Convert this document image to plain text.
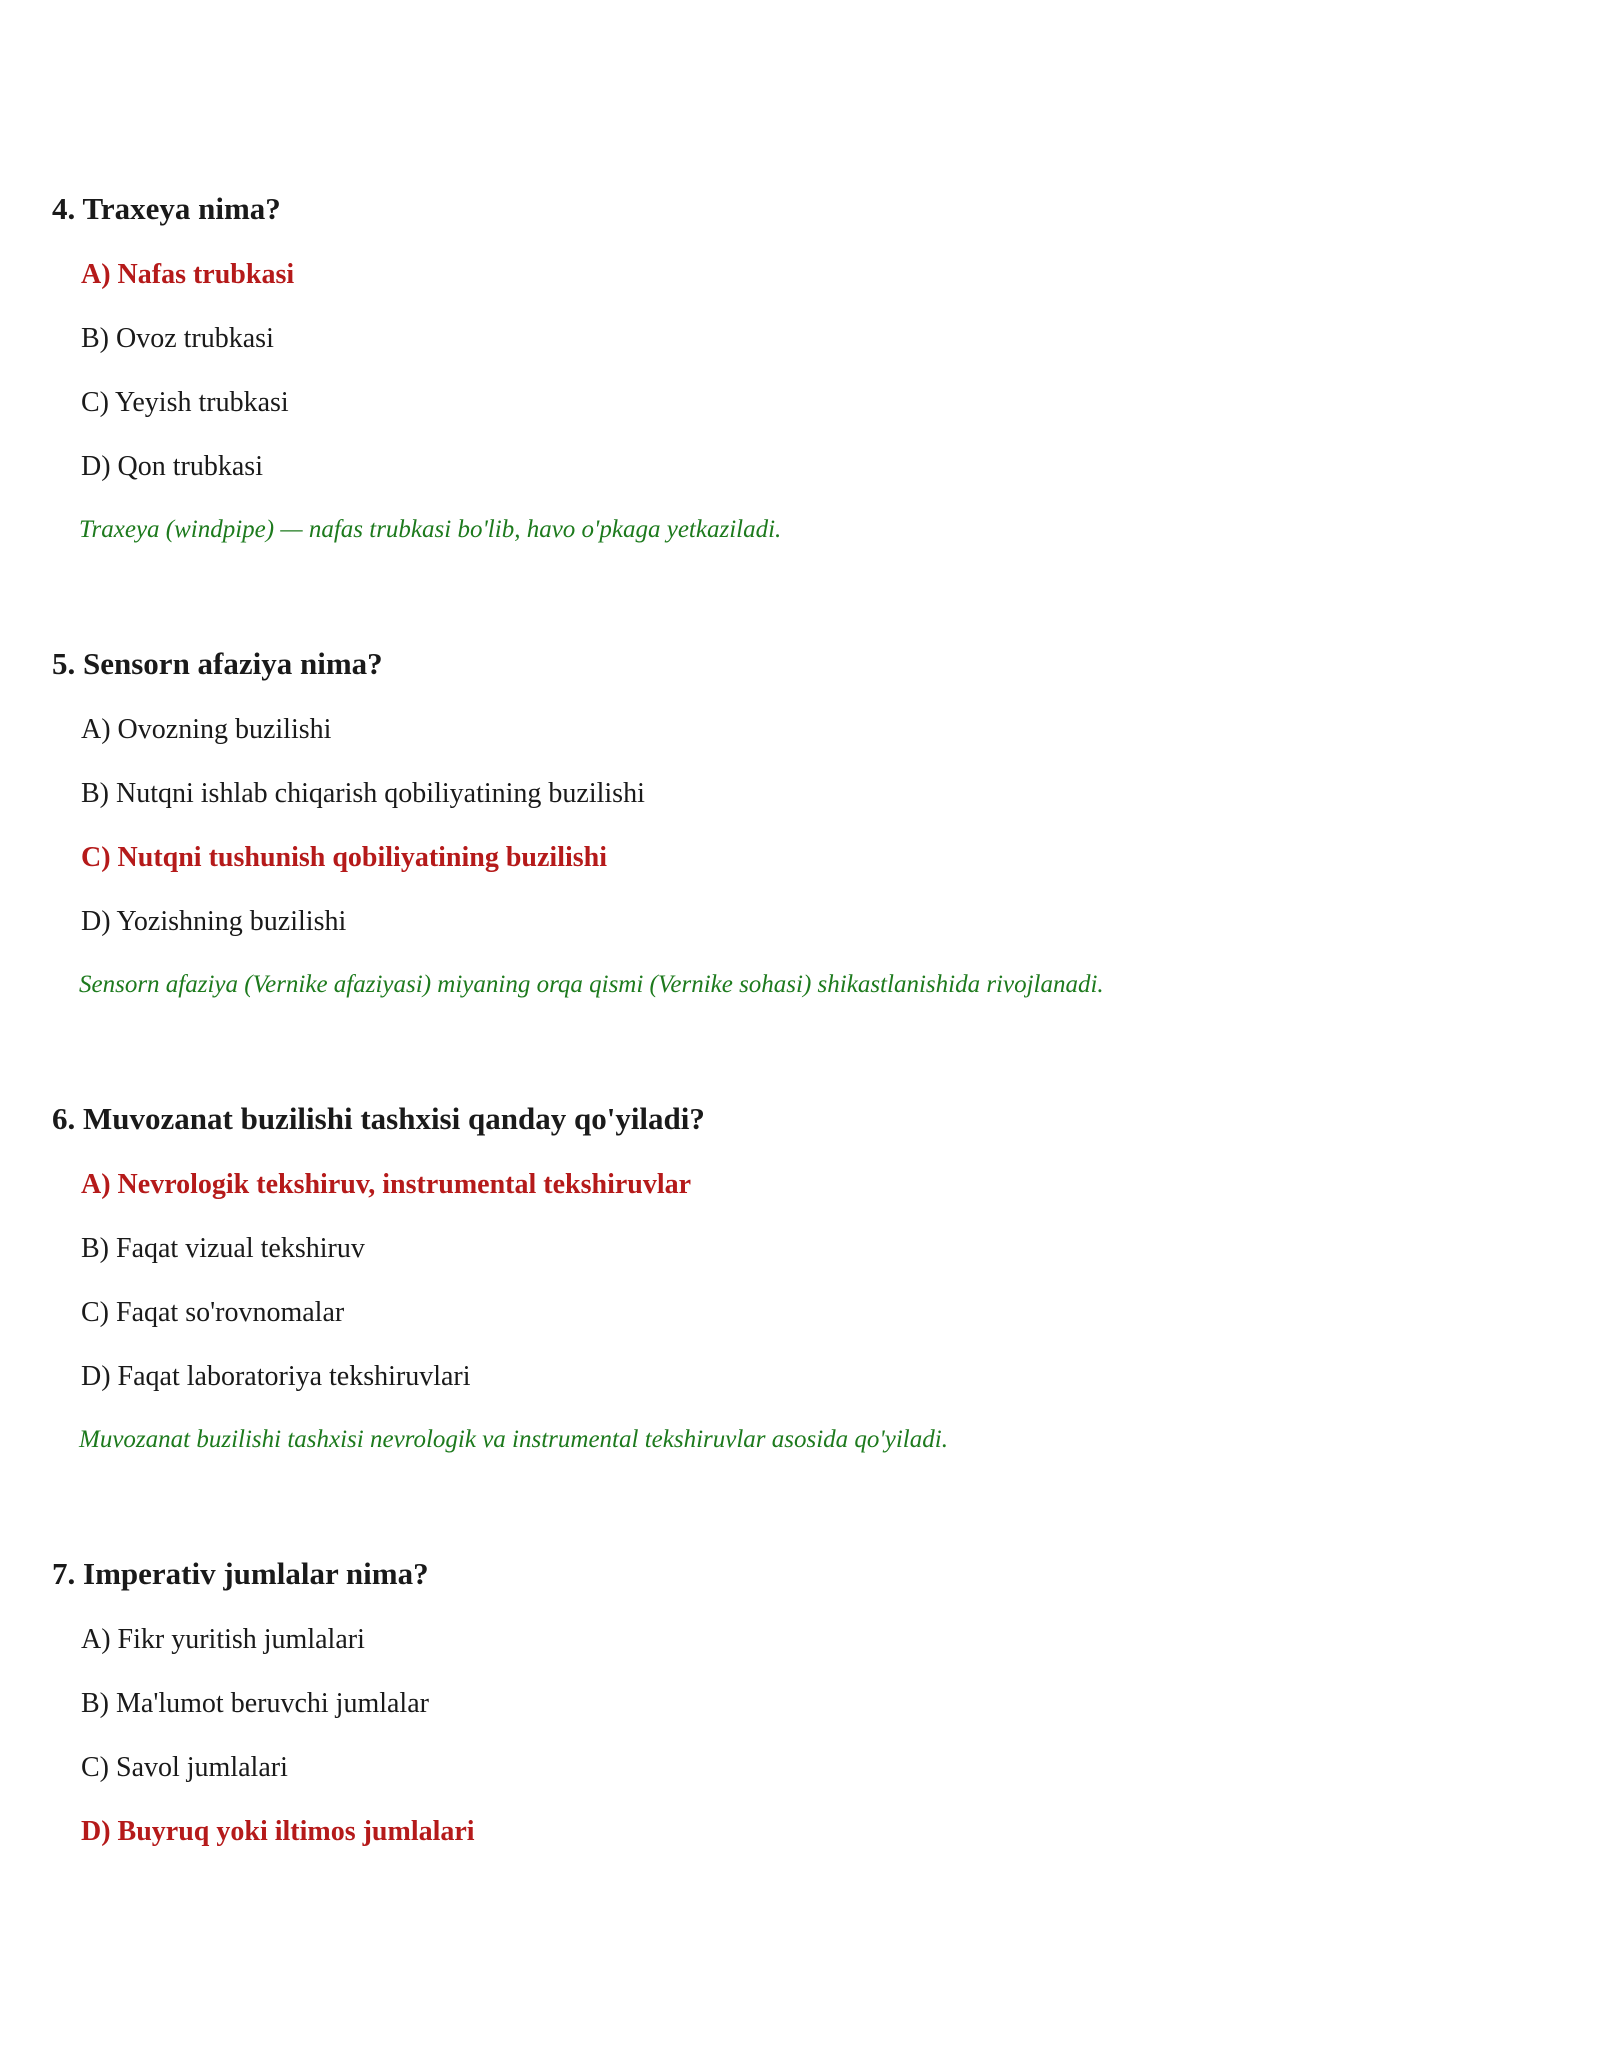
4. Traxeya nima?
A) Nafas trubkasi
B) Ovoz trubkasi
C) Yeyish trubkasi
D) Qon trubkasi

Traxeya (windpipe) — nafas trubkasi bo'lib, havo o'pkaga yetkaziladi.

5. Sensorn afaziya nima?
A) Ovozning buzilishi
B) Nutqni ishlab chiqarish qobiliyatining buzilishi
C) Nutqni tushunish qobiliyatining buzilishi
D) Yozishning buzilishi

Sensorn afaziya (Vernike afaziyasi) miyaning orqa qismi (Vernike sohasi) shikastlanishida rivojlanadi.

6. Muvozanat buzilishi tashxisi qanday qo'yiladi?
A) Nevrologik tekshiruv, instrumental tekshiruvlar
B) Faqat vizual tekshiruv
C) Faqat so'rovnomalar
D) Faqat laboratoriya tekshiruvlari

Muvozanat buzilishi tashxisi nevrologik va instrumental tekshiruvlar asosida qo'yiladi.

7. Imperativ jumlalar nima?
A) Fikr yuritish jumlalari
B) Ma'lumot beruvchi jumlalar
C) Savol jumlalari
D) Buyruq yoki iltimos jumlalari
